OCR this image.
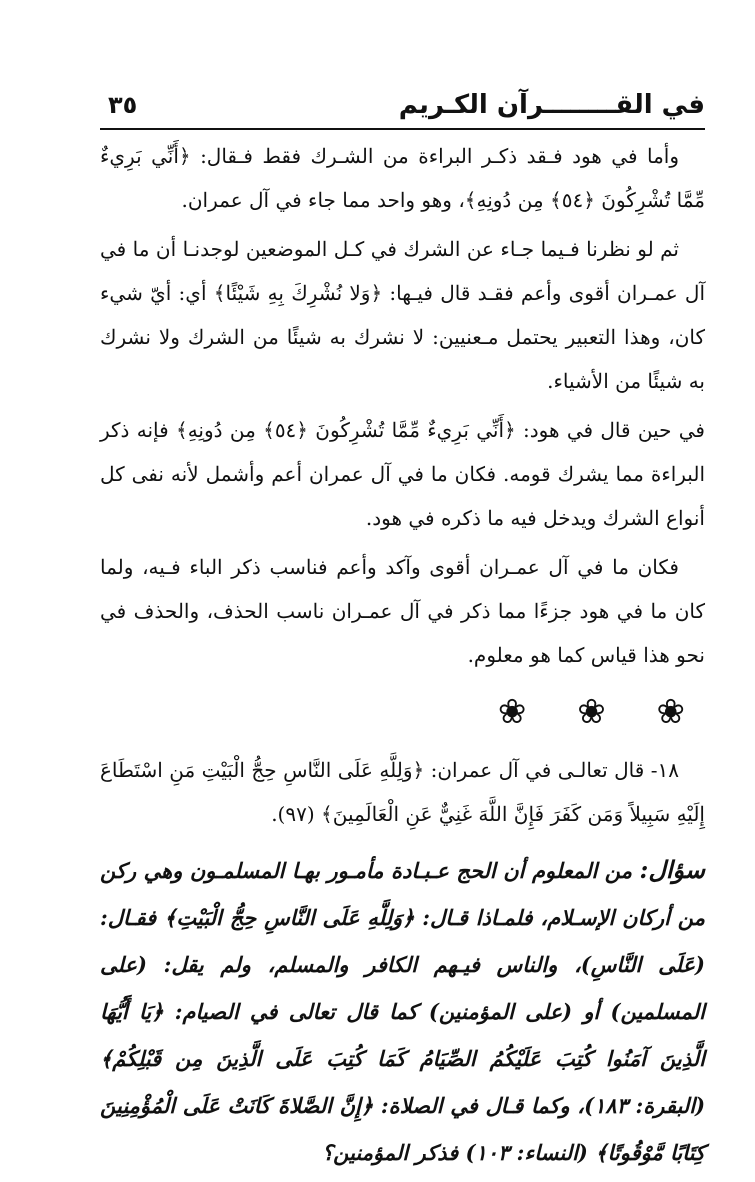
في القــــــــرآن الكـريم
٣٥

وأما في هود فـقد ذكـر البراءة من الشـرك فقط فـقال: ﴿أَنِّي بَرِيءٌ مِّمَّا تُشْرِكُونَ ﴿٥٤﴾ مِن دُونِهِ﴾، وهو واحد مما جاء في آل عمران.

ثم لو نظرنا فـيما جـاء عن الشرك في كـل الموضعين لوجدنـا أن ما في آل عمـران أقوى وأعم فقـد قال فيـها: ﴿وَلا نُشْرِكَ بِهِ شَيْئًا﴾ أي: أيّ شيء كان، وهذا التعبير يحتمل مـعنيين: لا نشرك به شيئًا من الشرك ولا نشرك به شيئًا من الأشياء.

في حين قال في هود: ﴿أَنِّي بَرِيءٌ مِّمَّا تُشْرِكُونَ ﴿٥٤﴾ مِن دُونِهِ﴾ فإنه ذكر البراءة مما يشرك قومه. فكان ما في آل عمران أعم وأشمل لأنه نفى كل أنواع الشرك ويدخل فيه ما ذكره في هود.

فكان ما في آل عمـران أقوى وآكد وأعم فناسب ذكر الباء فـيه، ولما كان ما في هود جزءًا مما ذكر في آل عمـران ناسب الحذف، والحذف في نحو هذا قياس كما هو معلوم.

❀ ❀ ❀

١٨- قال تعالـى في آل عمران: ﴿وَلِلَّهِ عَلَى النَّاسِ حِجُّ الْبَيْتِ مَنِ اسْتَطَاعَ إِلَيْهِ سَبِيلاً وَمَن كَفَرَ فَإِنَّ اللَّهَ غَنِيٌّ عَنِ الْعَالَمِينَ﴾ (٩٧).

سؤال: من المعلوم أن الحج عـبـادة مأمـور بهـا المسلمـون وهي ركن من أركان الإسـلام، فلمـاذا قـال: ﴿وَلِلَّهِ عَلَى النَّاسِ حِجُّ الْبَيْتِ﴾ فقـال: (عَلَى النَّاسِ)، والناس فيـهم الكافر والمسلم، ولم يقل: (على المسلمين) أو (على المؤمنين) كما قال تعالى في الصيام: ﴿يَا أَيُّهَا الَّذِينَ آمَنُوا كُتِبَ عَلَيْكُمُ الصِّيَامُ كَمَا كُتِبَ عَلَى الَّذِينَ مِن قَبْلِكُمْ﴾ (البقرة: ١٨٣)، وكما قـال في الصلاة: ﴿إِنَّ الصَّلاةَ كَانَتْ عَلَى الْمُؤْمِنِينَ كِتَابًا مَّوْقُوتًا﴾ (النساء: ١٠٣) فذكر المؤمنين؟
